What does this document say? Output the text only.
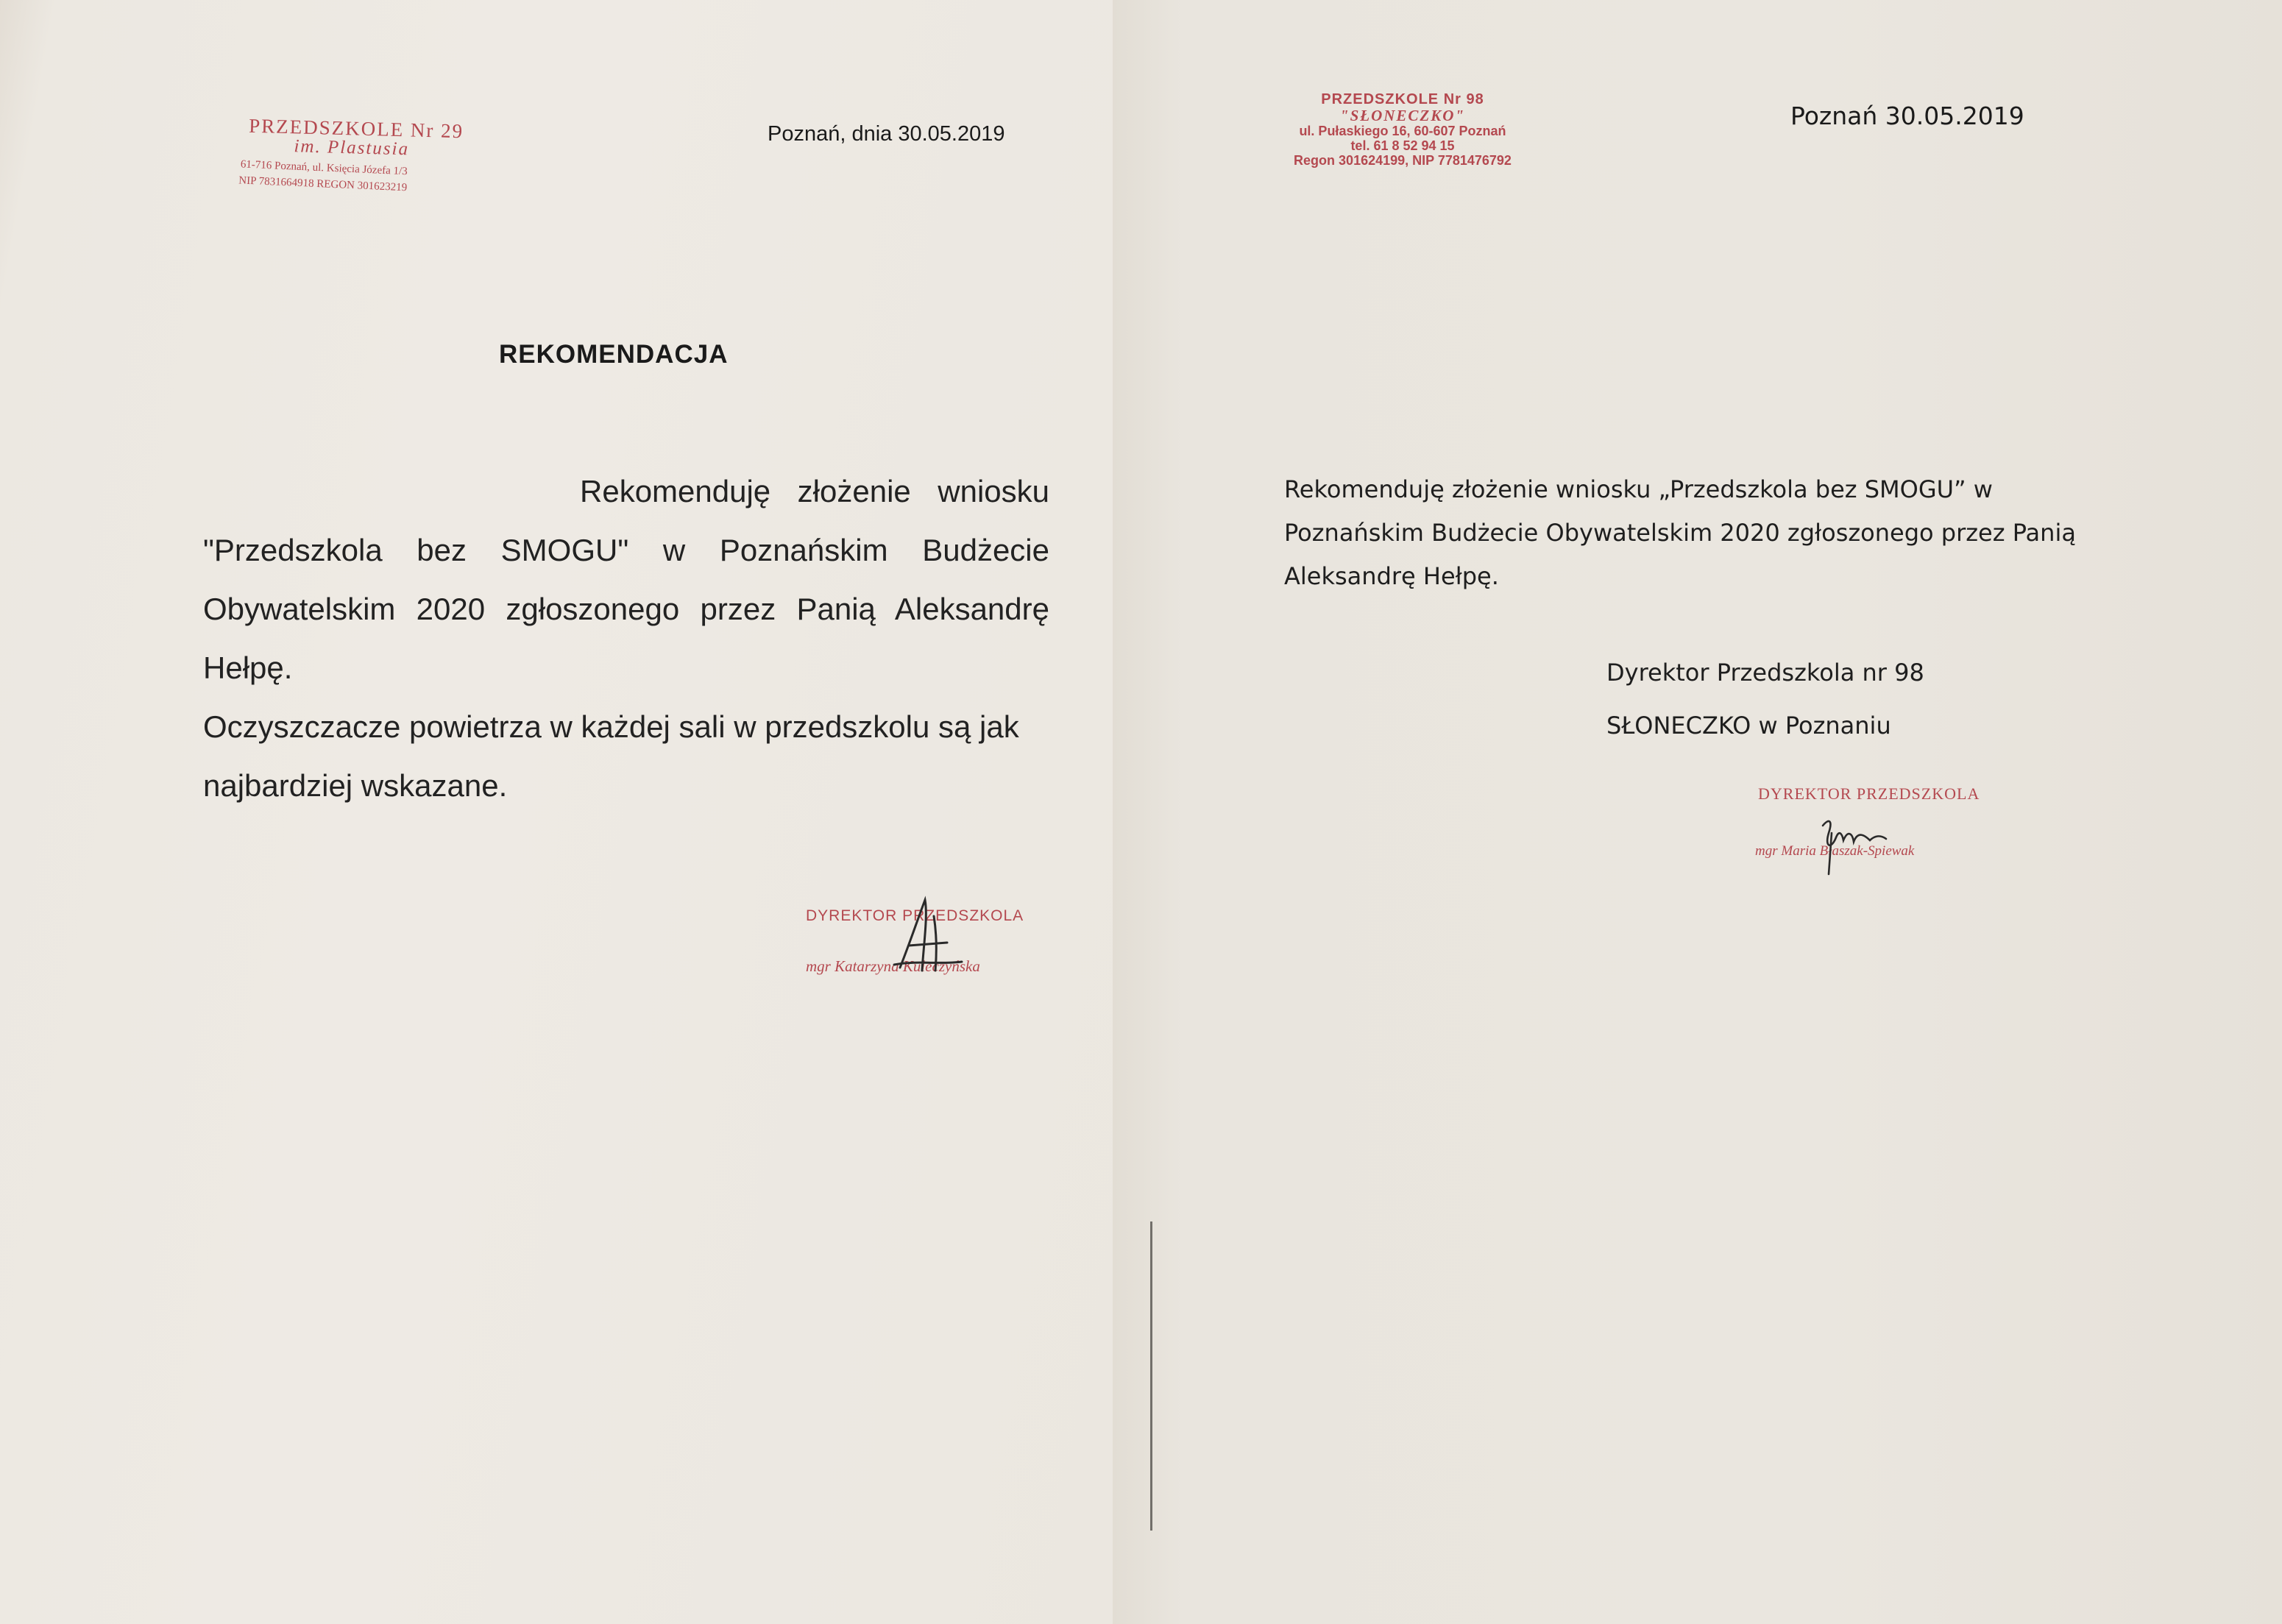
PRZEDSZKOLE Nr 29
im. Plastusia
61-716 Poznań, ul. Księcia Józefa 1/3
NIP 7831664918 REGON 301623219
Poznań, dnia 30.05.2019
REKOMENDACJA

Rekomenduję złożenie wniosku "Przedszkola bez SMOGU" w Poznańskim Budżecie Obywatelskim 2020 zgłoszonego przez Panią Aleksandrę Hełpę.

Oczyszczacze powietrza w każdej sali w przedszkolu są jak najbardziej wskazane.

DYREKTOR PRZEDSZKOLA
mgr Katarzyna Kuleczyńska
PRZEDSZKOLE Nr 98
"SŁONECZKO"
ul. Pułaskiego 16, 60-607 Poznań
tel. 61 8 52 94 15
Regon 301624199, NIP 7781476792
Poznań 30.05.2019
Rekomenduję złożenie wniosku „Przedszkola bez SMOGU” w Poznańskim Budżecie Obywatelskim 2020 zgłoszonego przez Panią Aleksandrę Hełpę.
Dyrektor Przedszkola nr 98
SŁONECZKO w Poznaniu
DYREKTOR PRZEDSZKOLA
mgr Maria Błaszak-Spiewak
